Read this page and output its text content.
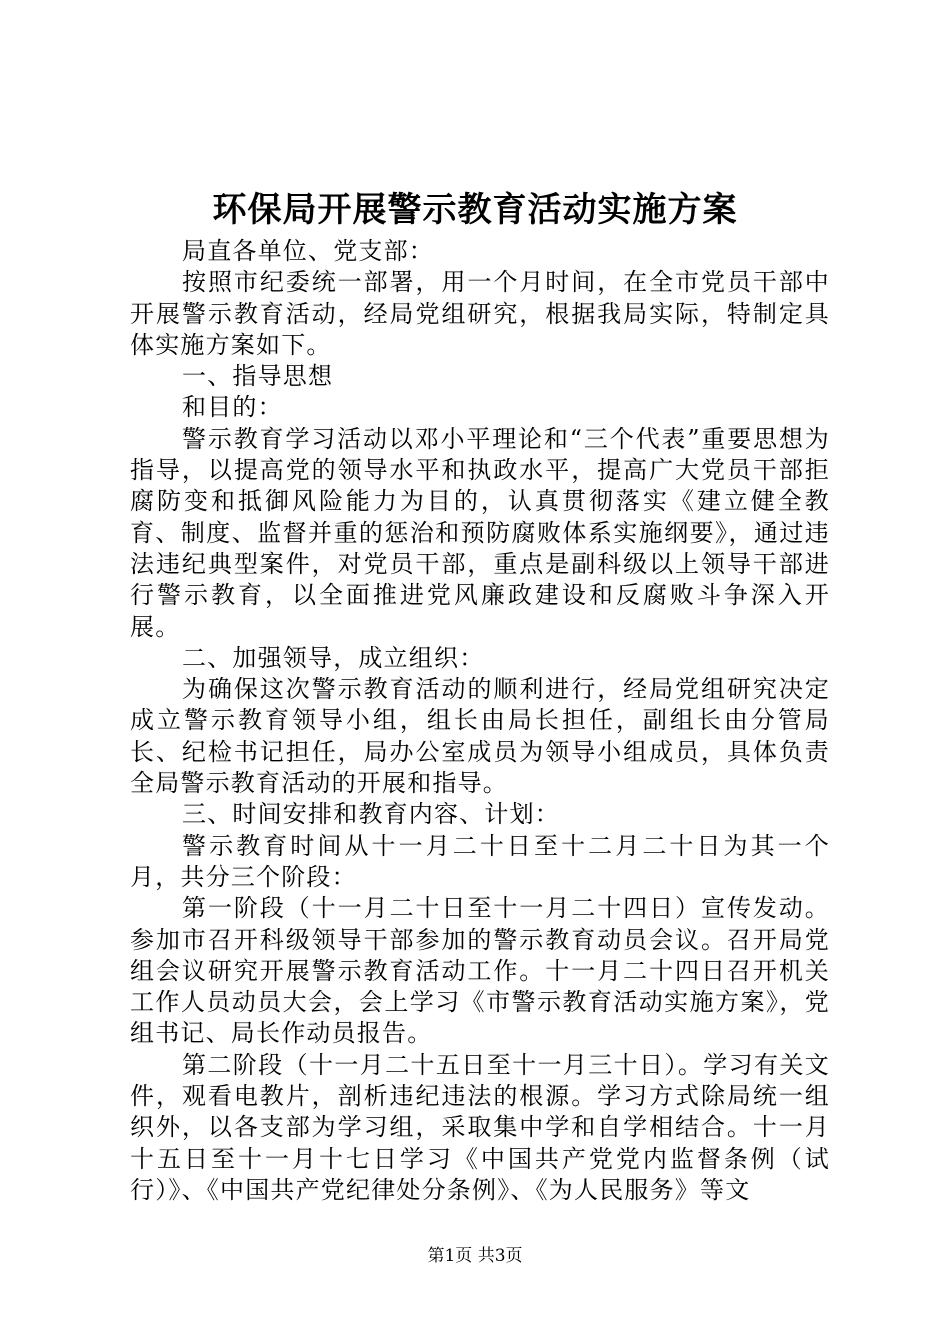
环保局开展警示教育活动实施方案

局直各单位、党支部：

按照市纪委统一部署，用一个月时间，在全市党员干部中开展警示教育活动，经局党组研究，根据我局实际，特制定具体实施方案如下。

一、指导思想

和目的：

警示教育学习活动以邓小平理论和“三个代表”重要思想为指导，以提高党的领导水平和执政水平，提高广大党员干部拒腐防变和抵御风险能力为目的，认真贯彻落实《建立健全教育、制度、监督并重的惩治和预防腐败体系实施纲要》，通过违法违纪典型案件，对党员干部，重点是副科级以上领导干部进行警示教育，以全面推进党风廉政建设和反腐败斗争深入开展。

二、加强领导，成立组织：

为确保这次警示教育活动的顺利进行，经局党组研究决定成立警示教育领导小组，组长由局长担任，副组长由分管局长、纪检书记担任，局办公室成员为领导小组成员，具体负责全局警示教育活动的开展和指导。

三、时间安排和教育内容、计划：

警示教育时间从十一月二十日至十二月二十日为其一个月，共分三个阶段：

第一阶段（十一月二十日至十一月二十四日）宣传发动。参加市召开科级领导干部参加的警示教育动员会议。召开局党组会议研究开展警示教育活动工作。十一月二十四日召开机关工作人员动员大会，会上学习《市警示教育活动实施方案》，党组书记、局长作动员报告。

第二阶段（十一月二十五日至十一月三十日）。学习有关文件，观看电教片，剖析违纪违法的根源。学习方式除局统一组织外，以各支部为学习组，采取集中学和自学相结合。十一月十五日至十一月十七日学习《中国共产党党内监督条例（试行）》、《中国共产党纪律处分条例》、《为人民服务》等文

第1页 共3页
